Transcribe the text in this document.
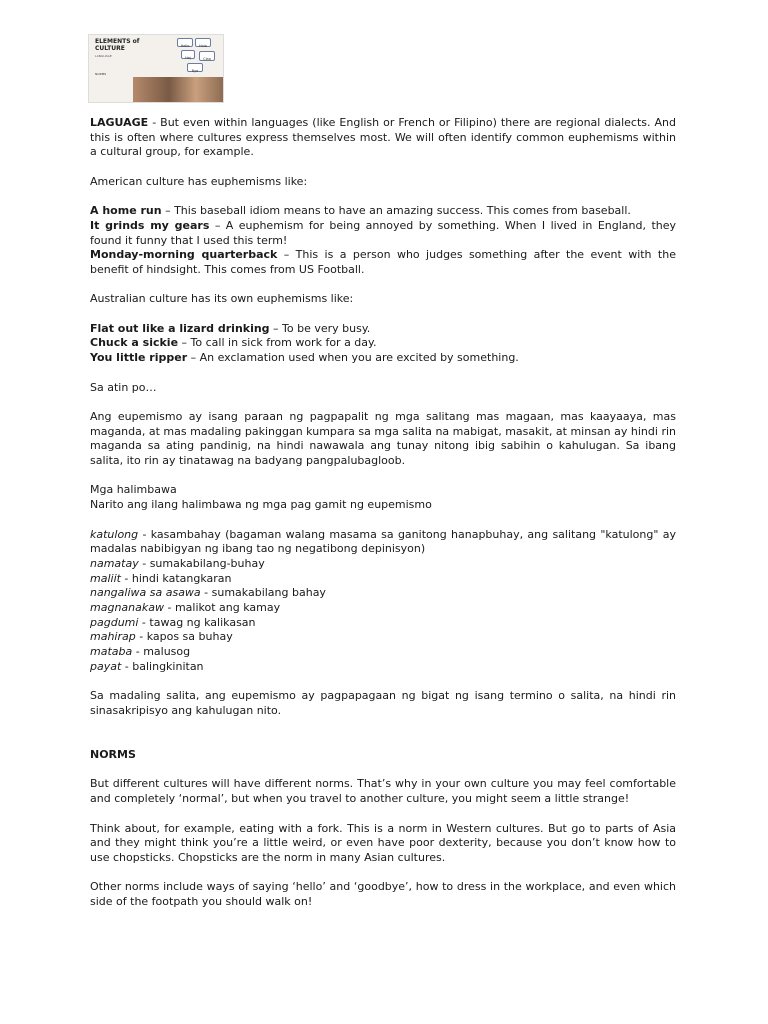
ELEMENTS of
CULTURE
LANGUAGE
NORMS
Hello	Hola
Hej	Ciao
Bye

LAGUAGE - But even within languages (like English or French or Filipino) there are regional dialects. And this is often where cultures express themselves most. We will often identify common euphemisms within a cultural group, for example.

American culture has euphemisms like:

A home run – This baseball idiom means to have an amazing success. This comes from baseball.

It grinds my gears – A euphemism for being annoyed by something. When I lived in England, they found it funny that I used this term!

Monday-morning quarterback – This is a person who judges something after the event with the benefit of hindsight. This comes from US Football.

Australian culture has its own euphemisms like:

Flat out like a lizard drinking – To be very busy.

Chuck a sickie – To call in sick from work for a day.

You little ripper – An exclamation used when you are excited by something.

Sa atin po…

Ang eupemismo ay isang paraan ng pagpapalit ng mga salitang mas magaan, mas kaayaaya, mas maganda, at mas madaling pakinggan kumpara sa mga salita na mabigat, masakit, at minsan ay hindi rin maganda sa ating pandinig, na hindi nawawala ang tunay nitong ibig sabihin o kahulugan. Sa ibang salita, ito rin ay tinatawag na badyang pangpalubagloob.

Mga halimbawa

Narito ang ilang halimbawa ng mga pag gamit ng eupemismo

katulong - kasambahay (bagaman walang masama sa ganitong hanapbuhay, ang salitang "katulong" ay madalas nabibigyan ng ibang tao ng negatibong depinisyon)

namatay - sumakabilang-buhay

maliit - hindi katangkaran

nangaliwa sa asawa - sumakabilang bahay

magnanakaw - malikot ang kamay

pagdumi - tawag ng kalikasan

mahirap - kapos sa buhay

mataba - malusog

payat - balingkinitan

Sa madaling salita, ang eupemismo ay pagpapagaan ng bigat ng isang termino o salita, na hindi rin sinasakripisyo ang kahulugan nito.

NORMS

But different cultures will have different norms. That’s why in your own culture you may feel comfortable and completely ‘normal’, but when you travel to another culture, you might seem a little strange!

Think about, for example, eating with a fork. This is a norm in Western cultures. But go to parts of Asia and they might think you’re a little weird, or even have poor dexterity, because you don’t know how to use chopsticks. Chopsticks are the norm in many Asian cultures.

Other norms include ways of saying ‘hello’ and ‘goodbye’, how to dress in the workplace, and even which side of the footpath you should walk on!
